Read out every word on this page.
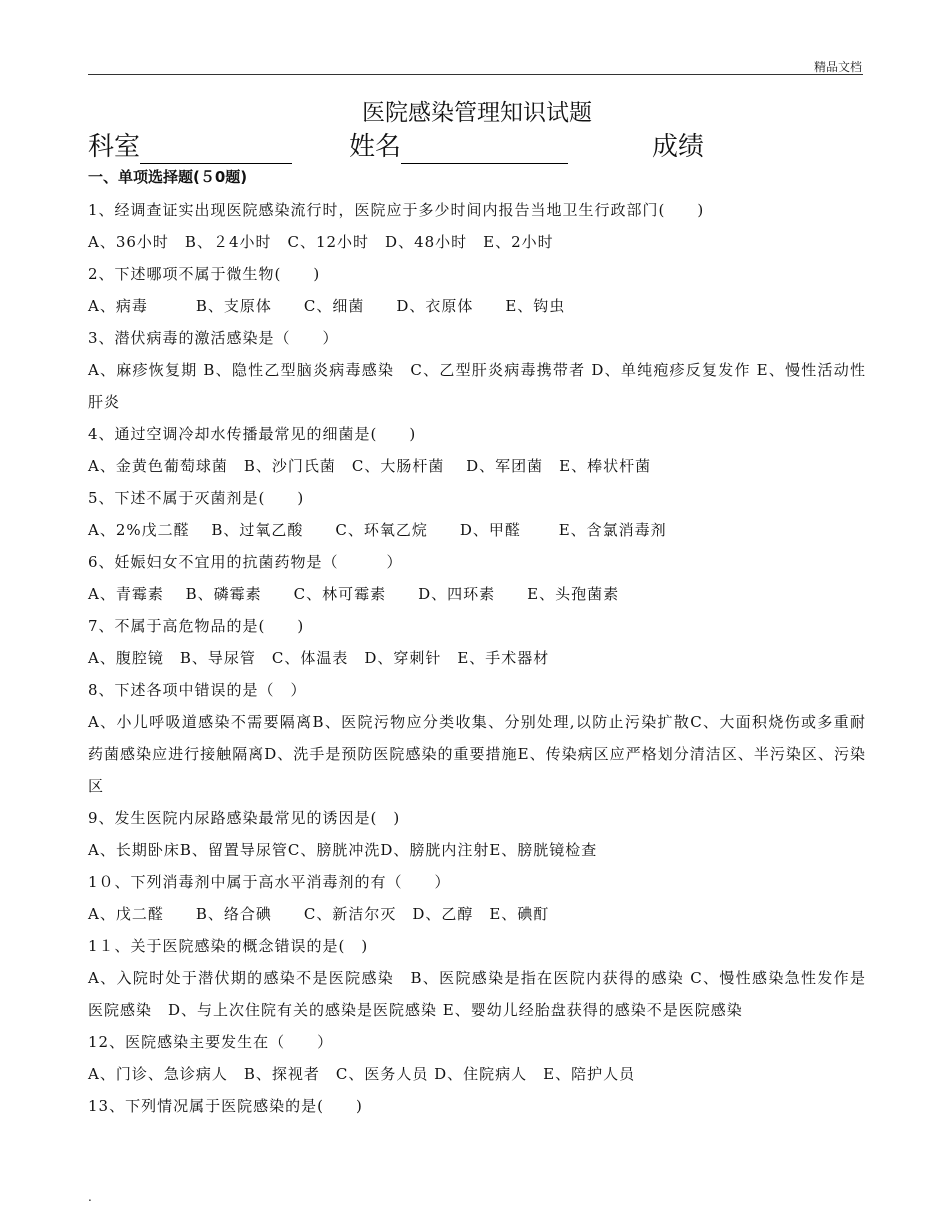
精品文档
医院感染管理知识试题
科室	姓名	成绩
一、单项选择题(５0题)
1、经调查证实出现医院感染流行时，医院应于多少时间内报告当地卫生行政部门(　　)
A、36小时　B、２4小时　C、12小时　D、48小时　E、2小时
2、下述哪项不属于微生物(　　)
A、病毒　　　B、支原体　　C、细菌　　D、衣原体　　E、钩虫
3、潜伏病毒的激活感染是（　　）
A、麻疹恢复期 B、隐性乙型脑炎病毒感染　C、乙型肝炎病毒携带者 D、单纯疱疹反复发作 E、慢性活动性肝炎
4、通过空调冷却水传播最常见的细菌是(　　)
A、金黄色葡萄球菌　B、沙门氏菌　C、大肠杆菌　 D、军团菌　E、棒状杆菌
5、下述不属于灭菌剂是(　　)
A、2%戊二醛　 B、过氧乙酸　　C、环氧乙烷　　D、甲醛　　 E、含氯消毒剂
6、妊娠妇女不宜用的抗菌药物是（　　　）
A、青霉素　 B、磷霉素　　C、林可霉素　　D、四环素　　E、头孢菌素
7、不属于高危物品的是(　　)
A、腹腔镜　B、导尿管　C、体温表　D、穿刺针　E、手术器材
8、下述各项中错误的是（　）
A、小儿呼吸道感染不需要隔离B、医院污物应分类收集、分别处理,以防止污染扩散C、大面积烧伤或多重耐药菌感染应进行接触隔离D、洗手是预防医院感染的重要措施E、传染病区应严格划分清洁区、半污染区、污染区
9、发生医院内尿路感染最常见的诱因是(　)
A、长期卧床B、留置导尿管C、膀胱冲洗D、膀胱内注射E、膀胱镜检查
1０、下列消毒剂中属于高水平消毒剂的有（　　）
A、戊二醛　　B、络合碘　　C、新洁尔灭　D、乙醇　E、碘酊
1１、关于医院感染的概念错误的是(　)
A、入院时处于潜伏期的感染不是医院感染　B、医院感染是指在医院内获得的感染 C、慢性感染急性发作是医院感染　D、与上次住院有关的感染是医院感染 E、婴幼儿经胎盘获得的感染不是医院感染
12、医院感染主要发生在（　　）
A、门诊、急诊病人　B、探视者　C、医务人员 D、住院病人　E、陪护人员
13、下列情况属于医院感染的是(　　)
.
